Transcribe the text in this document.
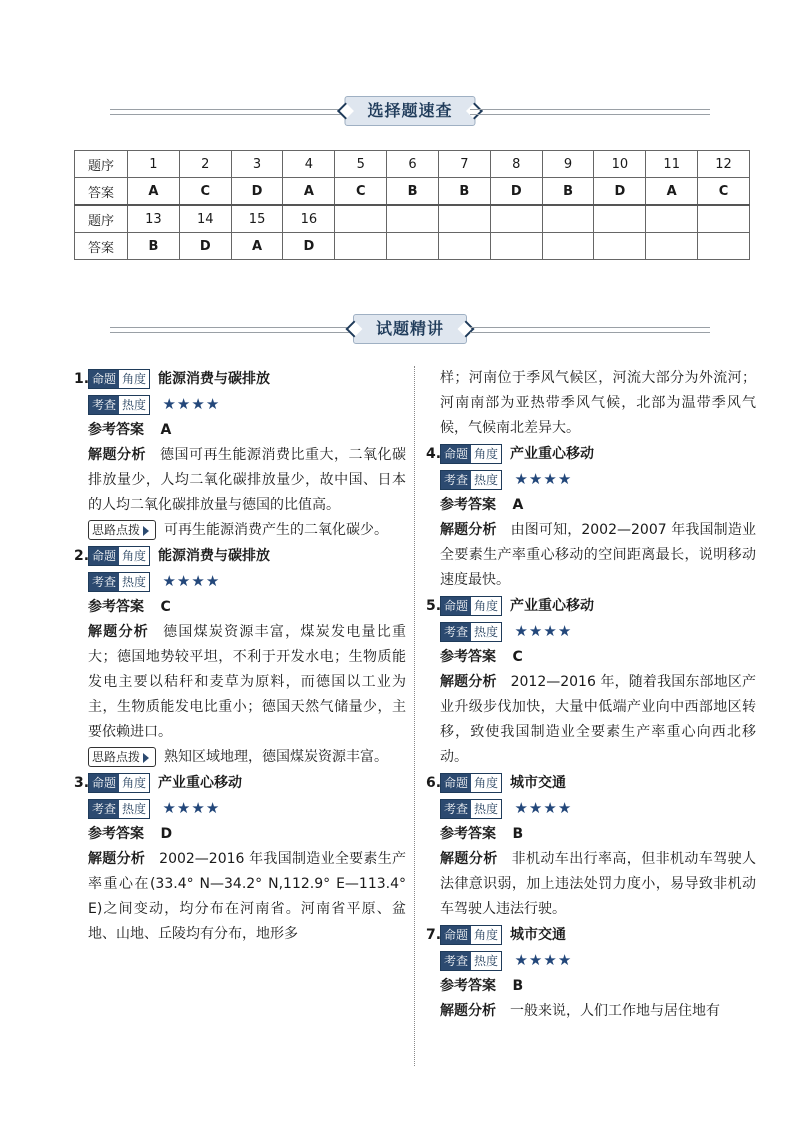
选择题速查
题序	1	2	3	4	5	6	7	8	9	10	11	12
答案	A	C	D	A	C	B	B	D	B	D	A	C
题序	13	14	15	16								
答案	B	D	A	D								
试题精讲
1. 命题 角度 能源消费与碳排放
考查 热度 ★★★★
参考答案 A
解题分析 德国可再生能源消费比重大，二氧化碳排放量少，人均二氧化碳排放量少，故中国、日本的人均二氧化碳排放量与德国的比值高。
思路点拨 可再生能源消费产生的二氧化碳少。
2. 命题 角度 能源消费与碳排放
考查 热度 ★★★★
参考答案 C
解题分析 德国煤炭资源丰富，煤炭发电量比重大；德国地势较平坦，不利于开发水电；生物质能发电主要以秸秆和麦草为原料，而德国以工业为主，生物质能发电比重小；德国天然气储量少，主要依赖进口。
思路点拨 熟知区域地理，德国煤炭资源丰富。
3. 命题 角度 产业重心移动
考查 热度 ★★★★
参考答案 D
解题分析 2002—2016 年我国制造业全要素生产率重心在(33.4° N—34.2° N,112.9° E—113.4° E)之间变动，均分布在河南省。河南省平原、盆地、山地、丘陵均有分布，地形多
样；河南位于季风气候区，河流大部分为外流河；河南南部为亚热带季风气候，北部为温带季风气候，气候南北差异大。
4. 命题 角度 产业重心移动
考查 热度 ★★★★
参考答案 A
解题分析 由图可知，2002—2007 年我国制造业全要素生产率重心移动的空间距离最长，说明移动速度最快。
5. 命题 角度 产业重心移动
考查 热度 ★★★★
参考答案 C
解题分析 2012—2016 年，随着我国东部地区产业升级步伐加快，大量中低端产业向中西部地区转移，致使我国制造业全要素生产率重心向西北移动。
6. 命题 角度 城市交通
考查 热度 ★★★★
参考答案 B
解题分析 非机动车出行率高，但非机动车驾驶人法律意识弱，加上违法处罚力度小，易导致非机动车驾驶人违法行驶。
7. 命题 角度 城市交通
考查 热度 ★★★★
参考答案 B
解题分析 一般来说，人们工作地与居住地有
